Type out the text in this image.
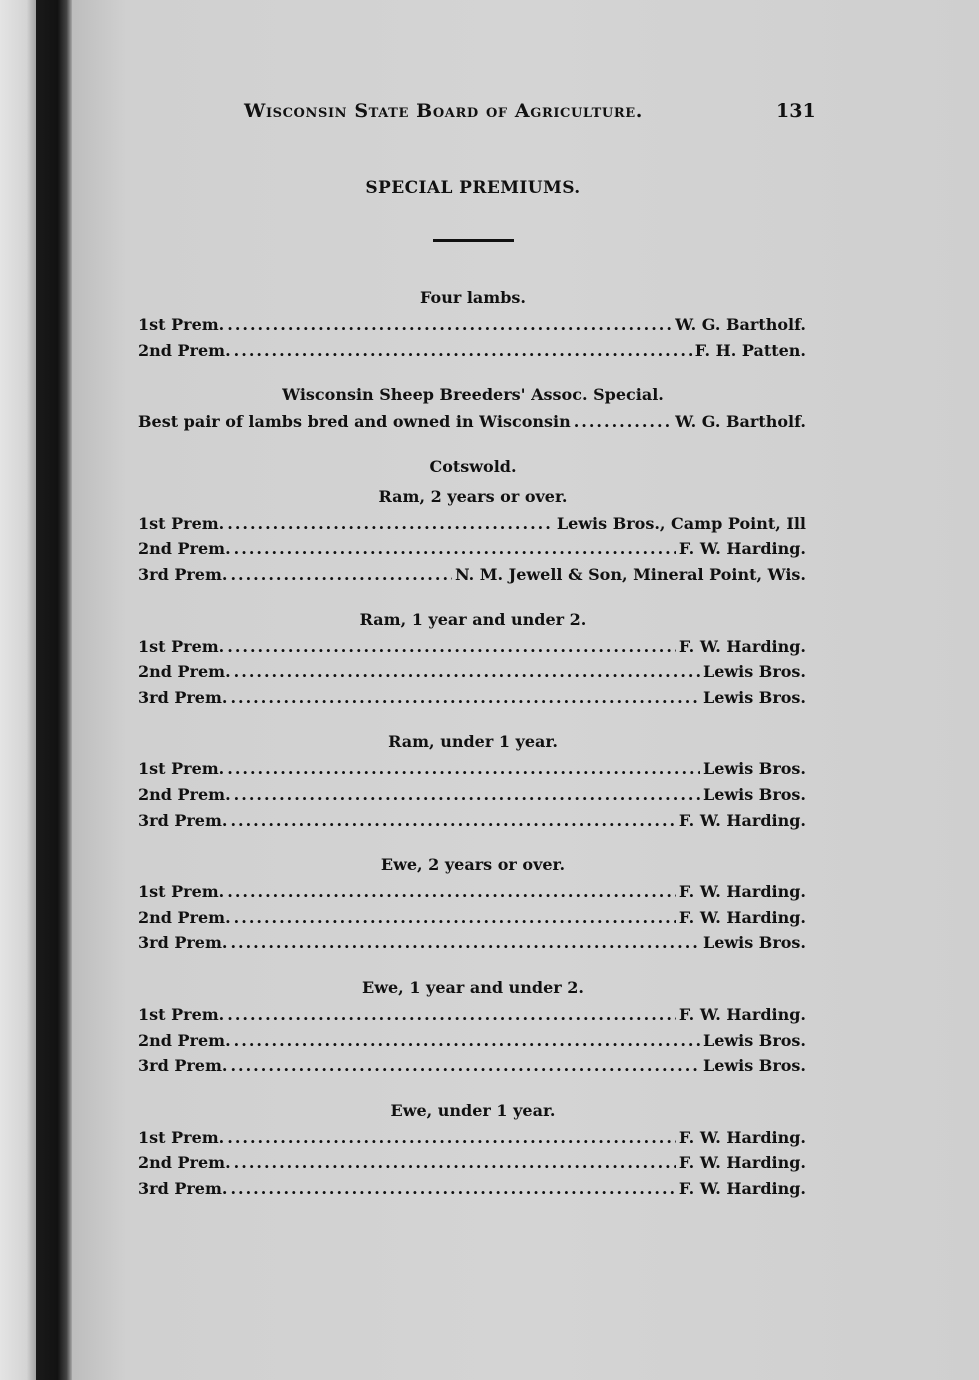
Wisconsin State Board of Agriculture.	131
SPECIAL PREMIUMS.
Four lambs.
1st Prem. .....	W. G. Bartholf.
2nd Prem. .....	F. H. Patten.
Wisconsin Sheep Breeders' Assoc. Special.
Best pair of lambs bred and owned in Wisconsin .....	W. G. Bartholf.
Cotswold.
Ram, 2 years or over.
1st Prem. .....	Lewis Bros., Camp Point, Ill
2nd Prem. .....	F. W. Harding.
3rd Prem. .....	N. M. Jewell & Son, Mineral Point, Wis.
Ram, 1 year and under 2.
1st Prem. .....	F. W. Harding.
2nd Prem. .....	Lewis Bros.
3rd Prem. .....	Lewis Bros.
Ram, under 1 year.
1st Prem. .....	Lewis Bros.
2nd Prem. .....	Lewis Bros.
3rd Prem. .....	F. W. Harding.
Ewe, 2 years or over.
1st Prem. .....	F. W. Harding.
2nd Prem. .....	F. W. Harding.
3rd Prem. .....	Lewis Bros.
Ewe, 1 year and under 2.
1st Prem. .....	F. W. Harding.
2nd Prem. .....	Lewis Bros.
3rd Prem. .....	Lewis Bros.
Ewe, under 1 year.
1st Prem. .....	F. W. Harding.
2nd Prem. .....	F. W. Harding.
3rd Prem. .....	F. W. Harding.
